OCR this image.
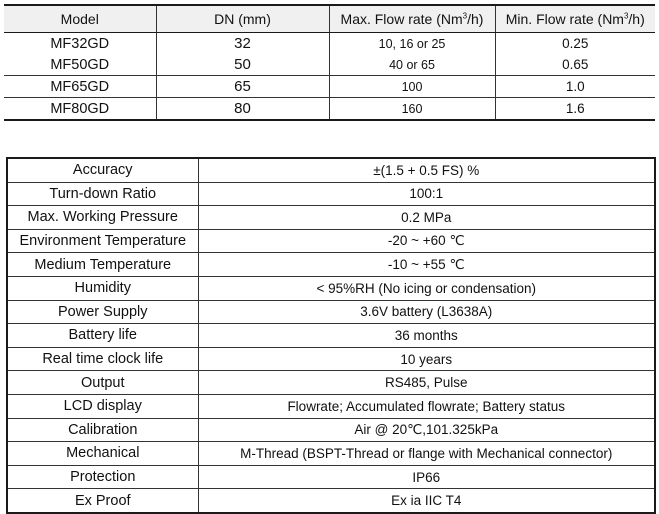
Model	DN (mm)	Max. Flow rate (Nm$^3$/h)	Min. Flow rate (Nm$^3$/h)
MF32GD	32	10, 16 or 25	0.25
MF50GD	50	40 or 65	0.65
MF65GD	65	100	1.0
MF80GD	80	160	1.6
Accuracy	±(1.5 + 0.5 FS) %
Turn-down Ratio	100:1
Max. Working Pressure	0.2 MPa
Environment Temperature	-20 ~ +60 ℃
Medium Temperature	-10 ~ +55 ℃
Humidity	< 95%RH (No icing or condensation)
Power Supply	3.6V battery (L3638A)
Battery life	36 months
Real time clock life	10 years
Output	RS485, Pulse
LCD display	Flowrate; Accumulated flowrate; Battery status
Calibration	Air @ 20℃,101.325kPa
Mechanical	M-Thread (BSPT-Thread or flange with Mechanical connector)
Protection	IP66
Ex Proof	Ex ia IIC T4
